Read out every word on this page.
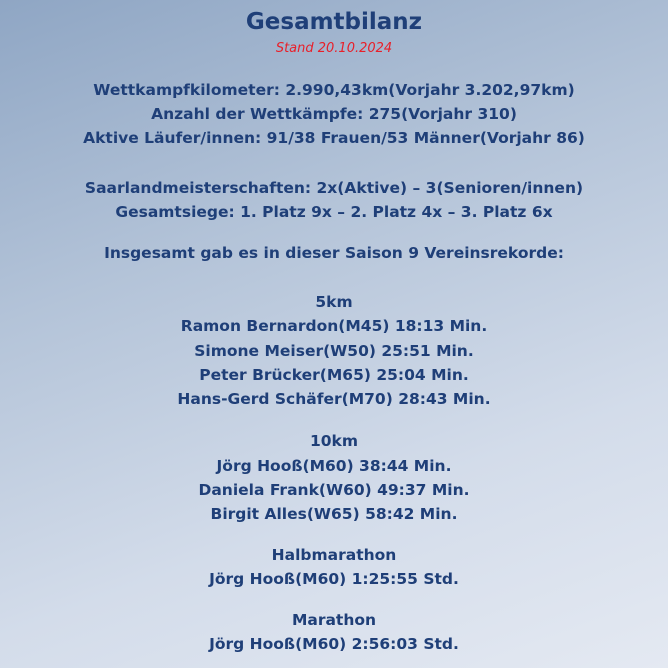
Gesamtbilanz
Stand 20.10.2024
Wettkampfkilometer: 2.990,43km(Vorjahr 3.202,97km)
Anzahl der Wettkämpfe: 275(Vorjahr 310)
Aktive Läufer/innen: 91/38 Frauen/53 Männer(Vorjahr 86)
Saarlandmeisterschaften: 2x(Aktive) – 3(Senioren/innen)
Gesamtsiege: 1. Platz 9x – 2. Platz 4x – 3. Platz 6x
Insgesamt gab es in dieser Saison 9 Vereinsrekorde:
5km
Ramon Bernardon(M45) 18:13 Min.
Simone Meiser(W50) 25:51 Min.
Peter Brücker(M65) 25:04 Min.
Hans-Gerd Schäfer(M70) 28:43 Min.
10km
Jörg Hooß(M60) 38:44 Min.
Daniela Frank(W60) 49:37 Min.
Birgit Alles(W65) 58:42 Min.
Halbmarathon
Jörg Hooß(M60) 1:25:55 Std.
Marathon
Jörg Hooß(M60) 2:56:03 Std.
